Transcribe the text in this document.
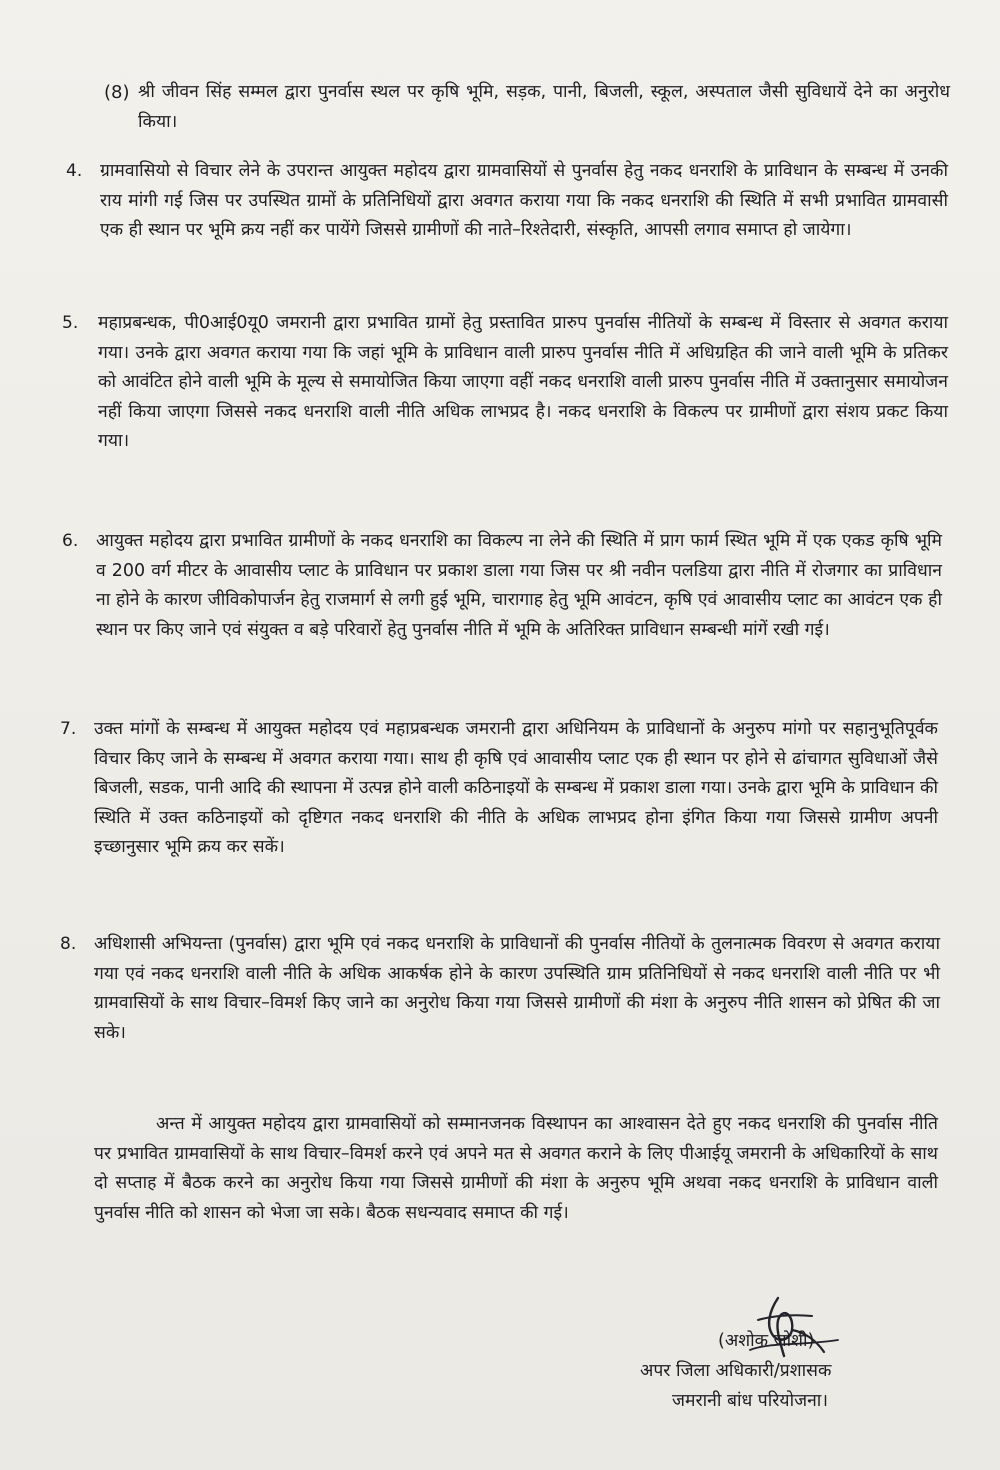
(8) श्री जीवन सिंह सम्मल द्वारा पुनर्वास स्थल पर कृषि भूमि, सड़क, पानी, बिजली, स्कूल, अस्पताल जैसी सुविधायें देने का अनुरोध किया।
4. ग्रामवासियो से विचार लेने के उपरान्त आयुक्त महोदय द्वारा ग्रामवासियों से पुनर्वास हेतु नकद धनराशि के प्राविधान के सम्बन्ध में उनकी राय मांगी गई जिस पर उपस्थित ग्रामों के प्रतिनिधियों द्वारा अवगत कराया गया कि नकद धनराशि की स्थिति में सभी प्रभावित ग्रामवासी एक ही स्थान पर भूमि क्रय नहीं कर पायेंगे जिससे ग्रामीणों की नाते–रिश्तेदारी, संस्कृति, आपसी लगाव समाप्त हो जायेगा।
5. महाप्रबन्धक, पी0आई0यू0 जमरानी द्वारा प्रभावित ग्रामों हेतु प्रस्तावित प्रारुप पुनर्वास नीतियों के सम्बन्ध में विस्तार से अवगत कराया गया। उनके द्वारा अवगत कराया गया कि जहां भूमि के प्राविधान वाली प्रारुप पुनर्वास नीति में अधिग्रहित की जाने वाली भूमि के प्रतिकर को आवंटित होने वाली भूमि के मूल्य से समायोजित किया जाएगा वहीं नकद धनराशि वाली प्रारुप पुनर्वास नीति में उक्तानुसार समायोजन नहीं किया जाएगा जिससे नकद धनराशि वाली नीति अधिक लाभप्रद है। नकद धनराशि के विकल्प पर ग्रामीणों द्वारा संशय प्रकट किया गया।
6. आयुक्त महोदय द्वारा प्रभावित ग्रामीणों के नकद धनराशि का विकल्प ना लेने की स्थिति में प्राग फार्म स्थित भूमि में एक एकड कृषि भूमि व 200 वर्ग मीटर के आवासीय प्लाट के प्राविधान पर प्रकाश डाला गया जिस पर श्री नवीन पलडिया द्वारा नीति में रोजगार का प्राविधान ना होने के कारण जीविकोपार्जन हेतु राजमार्ग से लगी हुई भूमि, चारागाह हेतु भूमि आवंटन, कृषि एवं आवासीय प्लाट का आवंटन एक ही स्थान पर किए जाने एवं संयुक्त व बड़े परिवारों हेतु पुनर्वास नीति में भूमि के अतिरिक्त प्राविधान सम्बन्धी मांगें रखी गई।
7. उक्त मांगों के सम्बन्ध में आयुक्त महोदय एवं महाप्रबन्धक जमरानी द्वारा अधिनियम के प्राविधानों के अनुरुप मांगो पर सहानुभूतिपूर्वक विचार किए जाने के सम्बन्ध में अवगत कराया गया। साथ ही कृषि एवं आवासीय प्लाट एक ही स्थान पर होने से ढांचागत सुविधाओं जैसे बिजली, सडक, पानी आदि की स्थापना में उत्पन्न होने वाली कठिनाइयों के सम्बन्ध में प्रकाश डाला गया। उनके द्वारा भूमि के प्राविधान की स्थिति में उक्त कठिनाइयों को दृष्टिगत नकद धनराशि की नीति के अधिक लाभप्रद होना इंगित किया गया जिससे ग्रामीण अपनी इच्छानुसार भूमि क्रय कर सकें।
8. अधिशासी अभियन्ता (पुनर्वास) द्वारा भूमि एवं नकद धनराशि के प्राविधानों की पुनर्वास नीतियों के तुलनात्मक विवरण से अवगत कराया गया एवं नकद धनराशि वाली नीति के अधिक आकर्षक होने के कारण उपस्थिति ग्राम प्रतिनिधियों से नकद धनराशि वाली नीति पर भी ग्रामवासियों के साथ विचार–विमर्श किए जाने का अनुरोध किया गया जिससे ग्रामीणों की मंशा के अनुरुप नीति शासन को प्रेषित की जा सके।
अन्त में आयुक्त महोदय द्वारा ग्रामवासियों को सम्मानजनक विस्थापन का आश्वासन देते हुए नकद धनराशि की पुनर्वास नीति पर प्रभावित ग्रामवासियों के साथ विचार–विमर्श करने एवं अपने मत से अवगत कराने के लिए पीआईयू जमरानी के अधिकारियों के साथ दो सप्ताह में बैठक करने का अनुरोध किया गया जिससे ग्रामीणों की मंशा के अनुरुप भूमि अथवा नकद धनराशि के प्राविधान वाली पुनर्वास नीति को शासन को भेजा जा सके। बैठक सधन्यवाद समाप्त की गई।
(अशोक जोशी)
अपर जिला अधिकारी/प्रशासक
जमरानी बांध परियोजना।
